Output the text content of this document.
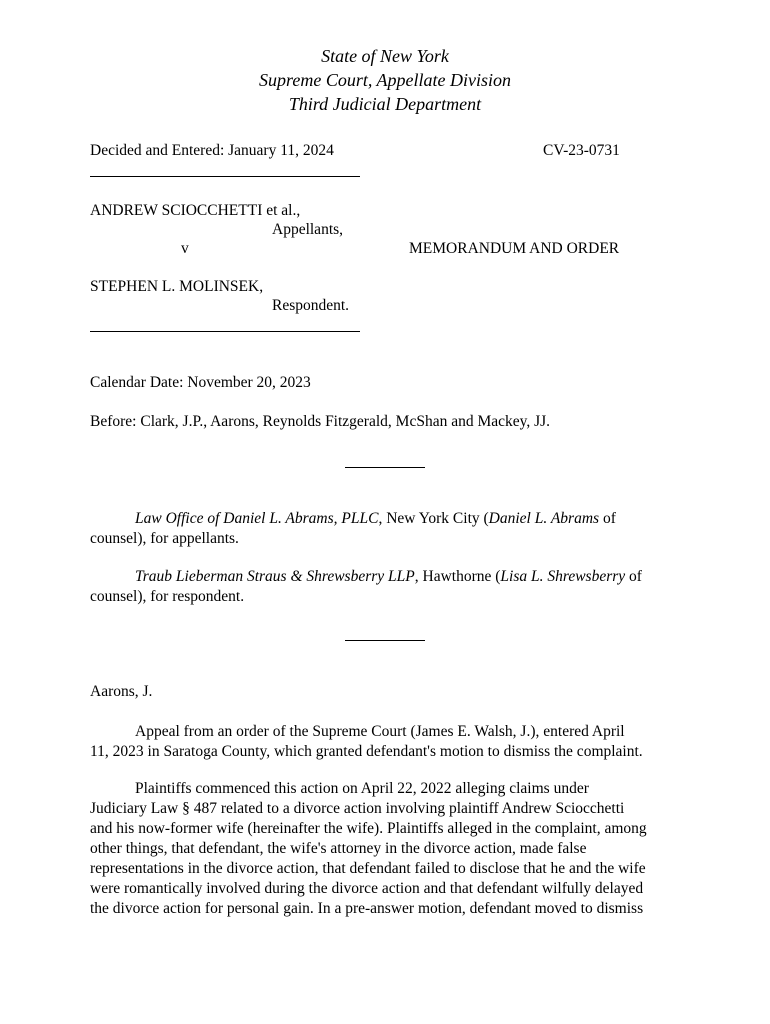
State of New York
Supreme Court, Appellate Division
Third Judicial Department
Decided and Entered: January 11, 2024	CV-23-0731
ANDREW SCIOCCHETTI et al.,
Appellants,
v	MEMORANDUM AND ORDER
STEPHEN L. MOLINSEK,
Respondent.
Calendar Date: November 20, 2023
Before: Clark, J.P., Aarons, Reynolds Fitzgerald, McShan and Mackey, JJ.
Law Office of Daniel L. Abrams, PLLC, New York City (Daniel L. Abrams of
counsel), for appellants.
Traub Lieberman Straus & Shrewsberry LLP, Hawthorne (Lisa L. Shrewsberry of
counsel), for respondent.
Aarons, J.
Appeal from an order of the Supreme Court (James E. Walsh, J.), entered April
11, 2023 in Saratoga County, which granted defendant's motion to dismiss the complaint.
Plaintiffs commenced this action on April 22, 2022 alleging claims under
Judiciary Law § 487 related to a divorce action involving plaintiff Andrew Sciocchetti
and his now-former wife (hereinafter the wife). Plaintiffs alleged in the complaint, among
other things, that defendant, the wife's attorney in the divorce action, made false
representations in the divorce action, that defendant failed to disclose that he and the wife
were romantically involved during the divorce action and that defendant wilfully delayed
the divorce action for personal gain. In a pre-answer motion, defendant moved to dismiss
